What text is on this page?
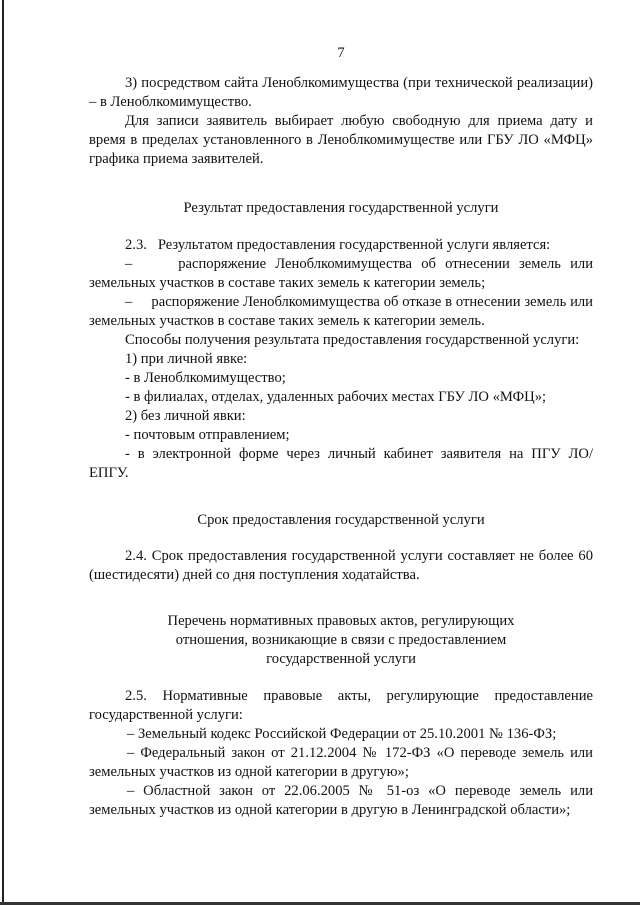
7

3) посредством сайта Леноблкомимущества (при технической реализации) – в Леноблкомимущество.

Для записи заявитель выбирает любую свободную для приема дату и время в пределах установленного в Леноблкомимуществе или ГБУ ЛО «МФЦ» графика приема заявителей.

Результат предоставления государственной услуги

2.3.   Результатом предоставления государственной услуги является:

–     распоряжение Леноблкомимущества об отнесении земель или земельных участков в составе таких земель к категории земель;

–     распоряжение Леноблкомимущества об отказе в отнесении земель или земельных участков в составе таких земель к категории земель.

Способы получения результата предоставления государственной услуги:

1) при личной явке:

- в Леноблкомимущество;

- в филиалах, отделах, удаленных рабочих местах ГБУ ЛО «МФЦ»;

2) без личной явки:

- почтовым отправлением;

- в электронной форме через личный кабинет заявителя на ПГУ ЛО/ ЕПГУ.

Срок предоставления государственной услуги

2.4. Срок предоставления государственной услуги составляет не более 60 (шестидесяти) дней со дня поступления ходатайства.

Перечень нормативных правовых актов, регулирующих

отношения, возникающие в связи с предоставлением

государственной услуги

2.5. Нормативные правовые акты, регулирующие предоставление государственной услуги:

– Земельный кодекс Российской Федерации от 25.10.2001 № 136-ФЗ;

– Федеральный закон от 21.12.2004 № 172-ФЗ «О переводе земель или земельных участков из одной категории в другую»;

– Областной закон от 22.06.2005 № 51-оз «О переводе земель или земельных участков из одной категории в другую в Ленинградской области»;
